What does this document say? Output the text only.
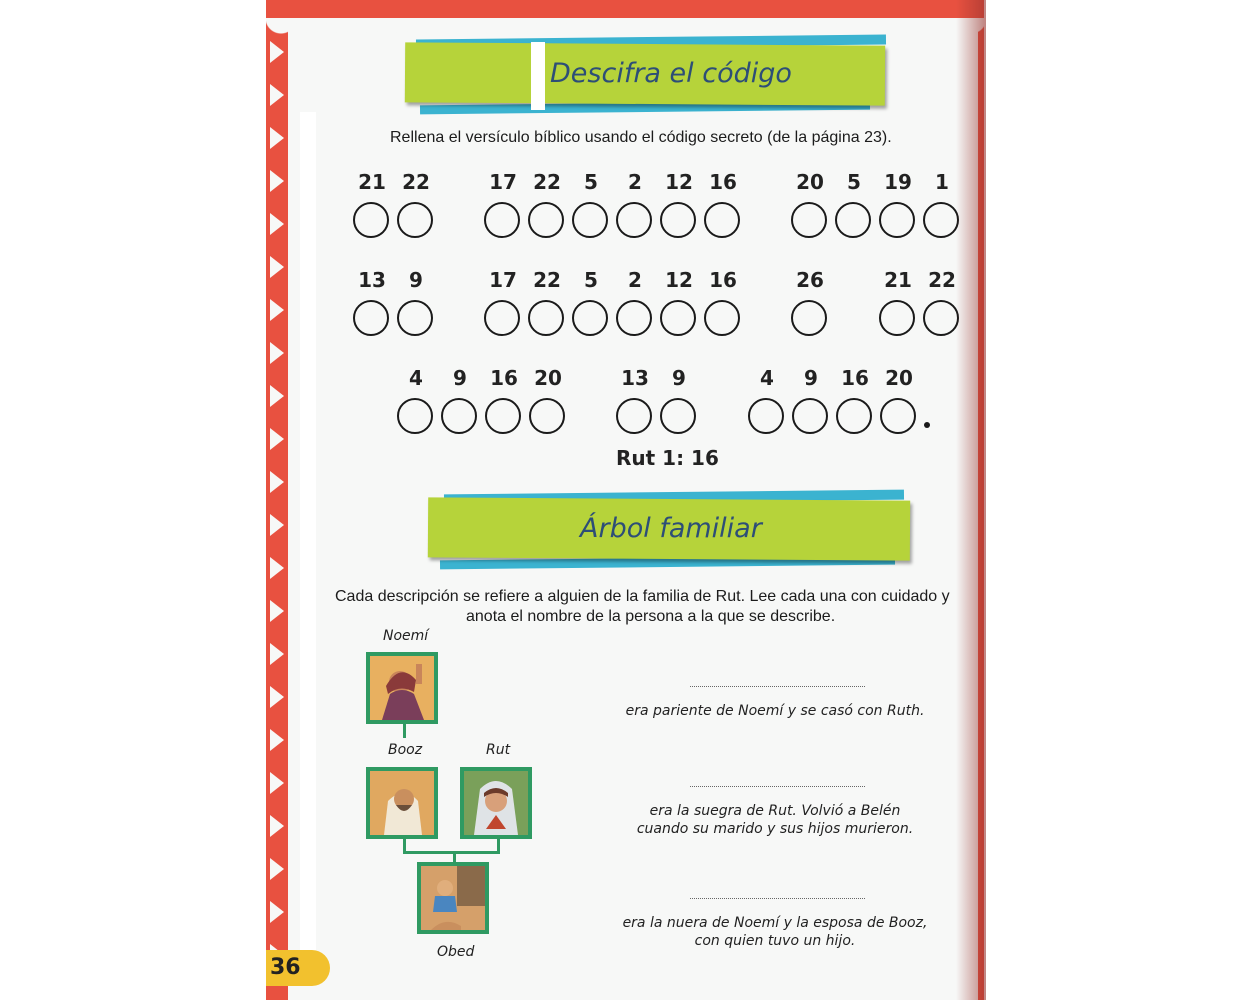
Descifra el código
Rellena el versículo bíblico usando el código secreto (de la página 23).
21 22	17 22	5	2	12 16	20	5	19	1
13	9	17 22	5	2	12 16	26	21 22
4	9	16 20	13	9	4	9	16 20
Rut 1: 16
Árbol familiar
Cada descripción se refiere a alguien de la familia de Rut. Lee cada una con cuidado y
anota el nombre de la persona a la que se describe.
Noemí
Booz	Rut
Obed
era pariente de Noemí y se casó con Ruth.
era la suegra de Rut. Volvió a Belén
cuando su marido y sus hijos murieron.
era la nuera de Noemí y la esposa de Booz,
con quien tuvo un hijo.
36
